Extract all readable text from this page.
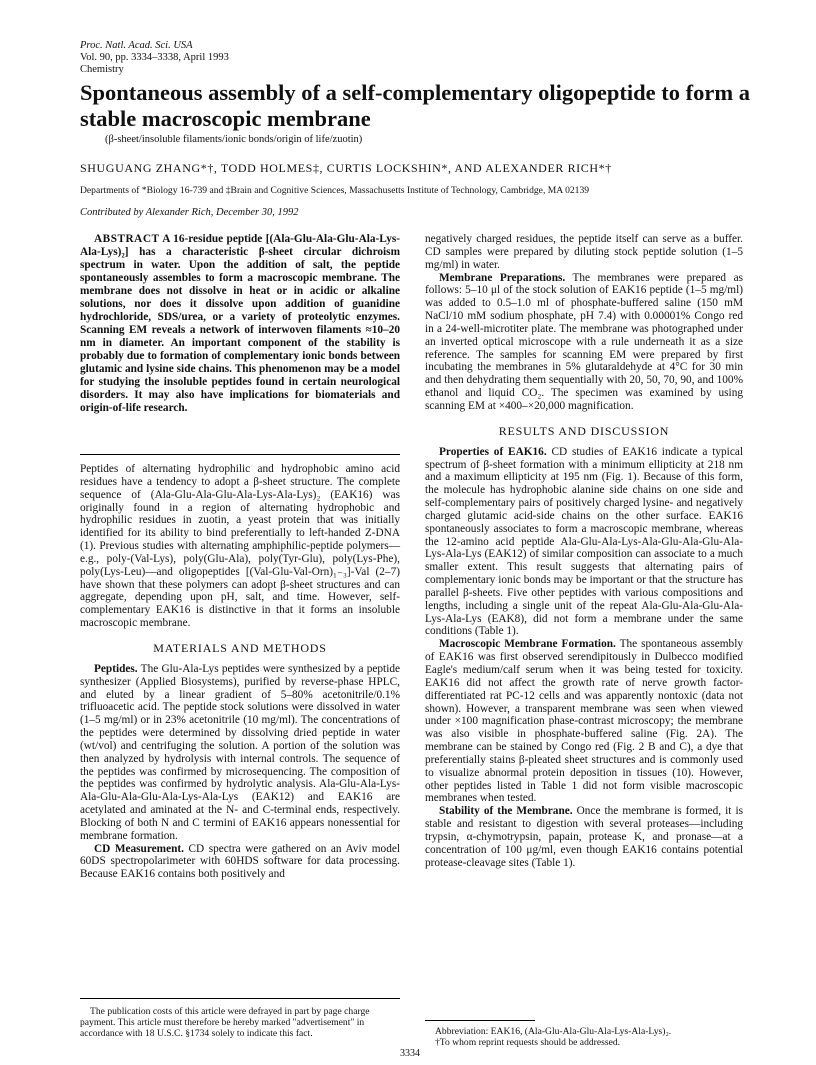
Proc. Natl. Acad. Sci. USA
Vol. 90, pp. 3334–3338, April 1993
Chemistry
Spontaneous assembly of a self-complementary oligopeptide to form a stable macroscopic membrane
(β-sheet/insoluble filaments/ionic bonds/origin of life/zuotin)
SHUGUANG ZHANG*†, TODD HOLMES‡, CURTIS LOCKSHIN*, AND ALEXANDER RICH*†
Departments of *Biology 16-739 and ‡Brain and Cognitive Sciences, Massachusetts Institute of Technology, Cambridge, MA 02139
Contributed by Alexander Rich, December 30, 1992

ABSTRACT A 16-residue peptide [(Ala-Glu-Ala-Glu-Ala-Lys-Ala-Lys)₂] has a characteristic β-sheet circular dichroism spectrum in water. Upon the addition of salt, the peptide spontaneously assembles to form a macroscopic membrane. The membrane does not dissolve in heat or in acidic or alkaline solutions, nor does it dissolve upon addition of guanidine hydrochloride, SDS/urea, or a variety of proteolytic enzymes. Scanning EM reveals a network of interwoven filaments ≈10–20 nm in diameter. An important component of the stability is probably due to formation of complementary ionic bonds between glutamic and lysine side chains. This phenomenon may be a model for studying the insoluble peptides found in certain neurological disorders. It may also have implications for biomaterials and origin-of-life research.

Peptides of alternating hydrophilic and hydrophobic amino acid residues have a tendency to adopt a β-sheet structure. The complete sequence of (Ala-Glu-Ala-Glu-Ala-Lys-Ala-Lys)₂ (EAK16) was originally found in a region of alternating hydrophobic and hydrophilic residues in zuotin, a yeast protein that was initially identified for its ability to bind preferentially to left-handed Z-DNA (1). Previous studies with alternating amphiphilic-peptide polymers—e.g., poly-(Val-Lys), poly(Glu-Ala), poly(Tyr-Glu), poly(Lys-Phe), poly(Lys-Leu)—and oligopeptides [(Val-Glu-Val-Orn)₁₋₃]-Val (2–7) have shown that these polymers can adopt β-sheet structures and can aggregate, depending upon pH, salt, and time. However, self-complementary EAK16 is distinctive in that it forms an insoluble macroscopic membrane.

MATERIALS AND METHODS

Peptides. The Glu-Ala-Lys peptides were synthesized by a peptide synthesizer (Applied Biosystems), purified by reverse-phase HPLC, and eluted by a linear gradient of 5–80% acetonitrile/0.1% trifluoacetic acid. The peptide stock solutions were dissolved in water (1–5 mg/ml) or in 23% acetonitrile (10 mg/ml). The concentrations of the peptides were determined by dissolving dried peptide in water (wt/vol) and centrifuging the solution. A portion of the solution was then analyzed by hydrolysis with internal controls. The sequence of the peptides was confirmed by microsequencing. The composition of the peptides was confirmed by hydrolytic analysis. Ala-Glu-Ala-Lys-Ala-Glu-Ala-Glu-Ala-Lys-Ala-Lys (EAK12) and EAK16 are acetylated and aminated at the N- and C-terminal ends, respectively. Blocking of both N and C termini of EAK16 appears nonessential for membrane formation.

CD Measurement. CD spectra were gathered on an Aviv model 60DS spectropolarimeter with 60HDS software for data processing. Because EAK16 contains both positively and

The publication costs of this article were defrayed in part by page charge payment. This article must therefore be hereby marked "advertisement" in accordance with 18 U.S.C. §1734 solely to indicate this fact.

negatively charged residues, the peptide itself can serve as a buffer. CD samples were prepared by diluting stock peptide solution (1–5 mg/ml) in water.

Membrane Preparations. The membranes were prepared as follows: 5–10 μl of the stock solution of EAK16 peptide (1–5 mg/ml) was added to 0.5–1.0 ml of phosphate-buffered saline (150 mM NaCl/10 mM sodium phosphate, pH 7.4) with 0.00001% Congo red in a 24-well-microtiter plate. The membrane was photographed under an inverted optical microscope with a rule underneath it as a size reference. The samples for scanning EM were prepared by first incubating the membranes in 5% glutaraldehyde at 4°C for 30 min and then dehydrating them sequentially with 20, 50, 70, 90, and 100% ethanol and liquid CO₂. The specimen was examined by using scanning EM at ×400–×20,000 magnification.

RESULTS AND DISCUSSION

Properties of EAK16. CD studies of EAK16 indicate a typical spectrum of β-sheet formation with a minimum ellipticity at 218 nm and a maximum ellipticity at 195 nm (Fig. 1). Because of this form, the molecule has hydrophobic alanine side chains on one side and self-complementary pairs of positively charged lysine- and negatively charged glutamic acid-side chains on the other surface. EAK16 spontaneously associates to form a macroscopic membrane, whereas the 12-amino acid peptide Ala-Glu-Ala-Lys-Ala-Glu-Ala-Glu-Ala-Lys-Ala-Lys (EAK12) of similar composition can associate to a much smaller extent. This result suggests that alternating pairs of complementary ionic bonds may be important or that the structure has parallel β-sheets. Five other peptides with various compositions and lengths, including a single unit of the repeat Ala-Glu-Ala-Glu-Ala-Lys-Ala-Lys (EAK8), did not form a membrane under the same conditions (Table 1).

Macroscopic Membrane Formation. The spontaneous assembly of EAK16 was first observed serendipitously in Dulbecco modified Eagle's medium/calf serum when it was being tested for toxicity. EAK16 did not affect the growth rate of nerve growth factor-differentiated rat PC-12 cells and was apparently nontoxic (data not shown). However, a transparent membrane was seen when viewed under ×100 magnification phase-contrast microscopy; the membrane was also visible in phosphate-buffered saline (Fig. 2A). The membrane can be stained by Congo red (Fig. 2 B and C), a dye that preferentially stains β-pleated sheet structures and is commonly used to visualize abnormal protein deposition in tissues (10). However, other peptides listed in Table 1 did not form visible macroscopic membranes when tested.

Stability of the Membrane. Once the membrane is formed, it is stable and resistant to digestion with several proteases—including trypsin, α-chymotrypsin, papain, protease K, and pronase—at a concentration of 100 μg/ml, even though EAK16 contains potential protease-cleavage sites (Table 1).

Abbreviation: EAK16, (Ala-Glu-Ala-Glu-Ala-Lys-Ala-Lys)₂.

†To whom reprint requests should be addressed.

3334
